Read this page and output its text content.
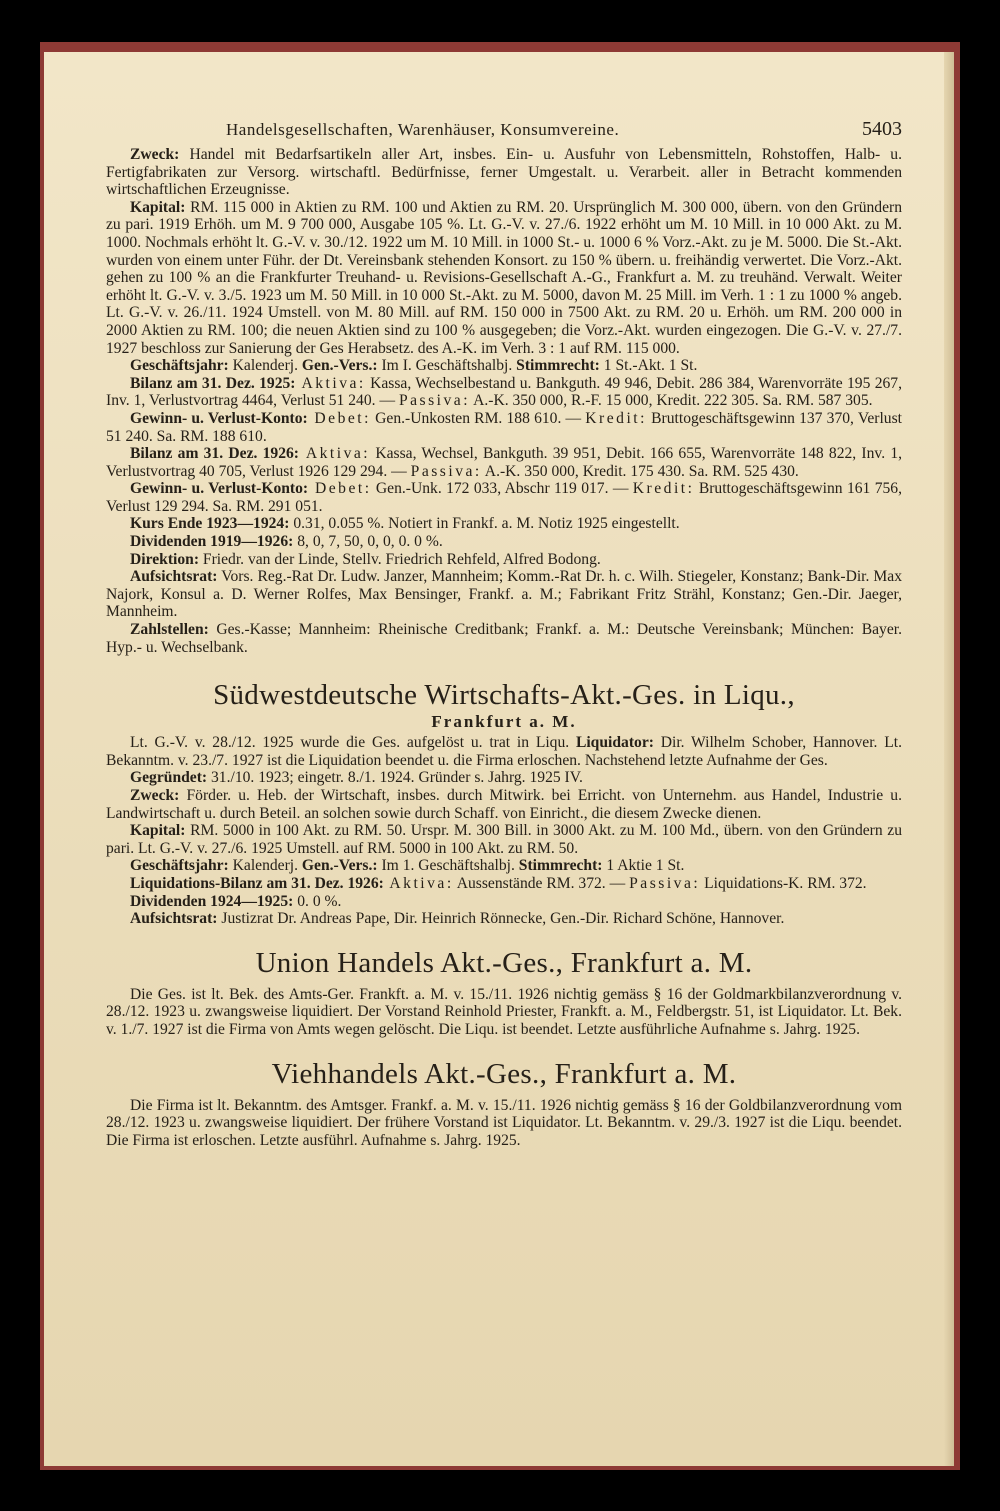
Handelsgesellschaften, Warenhäuser, Konsumvereine.	5403

Zweck: Handel mit Bedarfsartikeln aller Art, insbes. Ein- u. Ausfuhr von Lebensmitteln, Rohstoffen, Halb- u. Fertigfabrikaten zur Versorg. wirtschaftl. Bedürfnisse, ferner Umgestalt. u. Verarbeit. aller in Betracht kommenden wirtschaftlichen Erzeugnisse.

Kapital: RM. 115 000 in Aktien zu RM. 100 und Aktien zu RM. 20. Ursprünglich M. 300 000, übern. von den Gründern zu pari. 1919 Erhöh. um M. 9 700 000, Ausgabe 105 %. Lt. G.-V. v. 27./6. 1922 erhöht um M. 10 Mill. in 10 000 Akt. zu M. 1000. Nochmals erhöht lt. G.-V. v. 30./12. 1922 um M. 10 Mill. in 1000 St.- u. 1000 6 % Vorz.-Akt. zu je M. 5000. Die St.-Akt. wurden von einem unter Führ. der Dt. Vereinsbank stehenden Konsort. zu 150 % übern. u. freihändig verwertet. Die Vorz.-Akt. gehen zu 100 % an die Frankfurter Treuhand- u. Revisions-Gesellschaft A.-G., Frankfurt a. M. zu treuhänd. Verwalt. Weiter erhöht lt. G.-V. v. 3./5. 1923 um M. 50 Mill. in 10 000 St.-Akt. zu M. 5000, davon M. 25 Mill. im Verh. 1 : 1 zu 1000 % angeb. Lt. G.-V. v. 26./11. 1924 Umstell. von M. 80 Mill. auf RM. 150 000 in 7500 Akt. zu RM. 20 u. Erhöh. um RM. 200 000 in 2000 Aktien zu RM. 100; die neuen Aktien sind zu 100 % ausgegeben; die Vorz.-Akt. wurden eingezogen. Die G.-V. v. 27./7. 1927 beschloss zur Sanierung der Ges Herabsetz. des A.-K. im Verh. 3 : 1 auf RM. 115 000.

Geschäftsjahr: Kalenderj. Gen.-Vers.: Im I. Geschäftshalbj. Stimmrecht: 1 St.-Akt. 1 St.

Bilanz am 31. Dez. 1925: Aktiva: Kassa, Wechselbestand u. Bankguth. 49 946, Debit. 286 384, Warenvorräte 195 267, Inv. 1, Verlustvortrag 4464, Verlust 51 240. — Passiva: A.-K. 350 000, R.-F. 15 000, Kredit. 222 305. Sa. RM. 587 305.

Gewinn- u. Verlust-Konto: Debet: Gen.-Unkosten RM. 188 610. — Kredit: Bruttogeschäftsgewinn 137 370, Verlust 51 240. Sa. RM. 188 610.

Bilanz am 31. Dez. 1926: Aktiva: Kassa, Wechsel, Bankguth. 39 951, Debit. 166 655, Warenvorräte 148 822, Inv. 1, Verlustvortrag 40 705, Verlust 1926 129 294. — Passiva: A.-K. 350 000, Kredit. 175 430. Sa. RM. 525 430.

Gewinn- u. Verlust-Konto: Debet: Gen.-Unk. 172 033, Abschr 119 017. — Kredit: Bruttogeschäftsgewinn 161 756, Verlust 129 294. Sa. RM. 291 051.

Kurs Ende 1923—1924: 0.31, 0.055 %. Notiert in Frankf. a. M. Notiz 1925 eingestellt.

Dividenden 1919—1926: 8, 0, 7, 50, 0, 0, 0. 0 %.

Direktion: Friedr. van der Linde, Stellv. Friedrich Rehfeld, Alfred Bodong.

Aufsichtsrat: Vors. Reg.-Rat Dr. Ludw. Janzer, Mannheim; Komm.-Rat Dr. h. c. Wilh. Stiegeler, Konstanz; Bank-Dir. Max Najork, Konsul a. D. Werner Rolfes, Max Bensinger, Frankf. a. M.; Fabrikant Fritz Strähl, Konstanz; Gen.-Dir. Jaeger, Mannheim.

Zahlstellen: Ges.-Kasse; Mannheim: Rheinische Creditbank; Frankf. a. M.: Deutsche Vereinsbank; München: Bayer. Hyp.- u. Wechselbank.

Südwestdeutsche Wirtschafts-Akt.-Ges. in Liqu.,
Frankfurt a. M.

Lt. G.-V. v. 28./12. 1925 wurde die Ges. aufgelöst u. trat in Liqu. Liquidator: Dir. Wilhelm Schober, Hannover. Lt. Bekanntm. v. 23./7. 1927 ist die Liquidation beendet u. die Firma erloschen. Nachstehend letzte Aufnahme der Ges.

Gegründet: 31./10. 1923; eingetr. 8./1. 1924. Gründer s. Jahrg. 1925 IV.

Zweck: Förder. u. Heb. der Wirtschaft, insbes. durch Mitwirk. bei Erricht. von Unternehm. aus Handel, Industrie u. Landwirtschaft u. durch Beteil. an solchen sowie durch Schaff. von Einricht., die diesem Zwecke dienen.

Kapital: RM. 5000 in 100 Akt. zu RM. 50. Urspr. M. 300 Bill. in 3000 Akt. zu M. 100 Md., übern. von den Gründern zu pari. Lt. G.-V. v. 27./6. 1925 Umstell. auf RM. 5000 in 100 Akt. zu RM. 50.

Geschäftsjahr: Kalenderj. Gen.-Vers.: Im 1. Geschäftshalbj. Stimmrecht: 1 Aktie 1 St.

Liquidations-Bilanz am 31. Dez. 1926: Aktiva: Aussenstände RM. 372. — Passiva: Liquidations-K. RM. 372.

Dividenden 1924—1925: 0. 0 %.

Aufsichtsrat: Justizrat Dr. Andreas Pape, Dir. Heinrich Rönnecke, Gen.-Dir. Richard Schöne, Hannover.

Union Handels Akt.-Ges., Frankfurt a. M.

Die Ges. ist lt. Bek. des Amts-Ger. Frankft. a. M. v. 15./11. 1926 nichtig gemäss § 16 der Goldmarkbilanzverordnung v. 28./12. 1923 u. zwangsweise liquidiert. Der Vorstand Reinhold Priester, Frankft. a. M., Feldbergstr. 51, ist Liquidator. Lt. Bek. v. 1./7. 1927 ist die Firma von Amts wegen gelöscht. Die Liqu. ist beendet. Letzte ausführliche Aufnahme s. Jahrg. 1925.

Viehhandels Akt.-Ges., Frankfurt a. M.

Die Firma ist lt. Bekanntm. des Amtsger. Frankf. a. M. v. 15./11. 1926 nichtig gemäss § 16 der Goldbilanzverordnung vom 28./12. 1923 u. zwangsweise liquidiert. Der frühere Vorstand ist Liquidator. Lt. Bekanntm. v. 29./3. 1927 ist die Liqu. beendet. Die Firma ist erloschen. Letzte ausführl. Aufnahme s. Jahrg. 1925.
